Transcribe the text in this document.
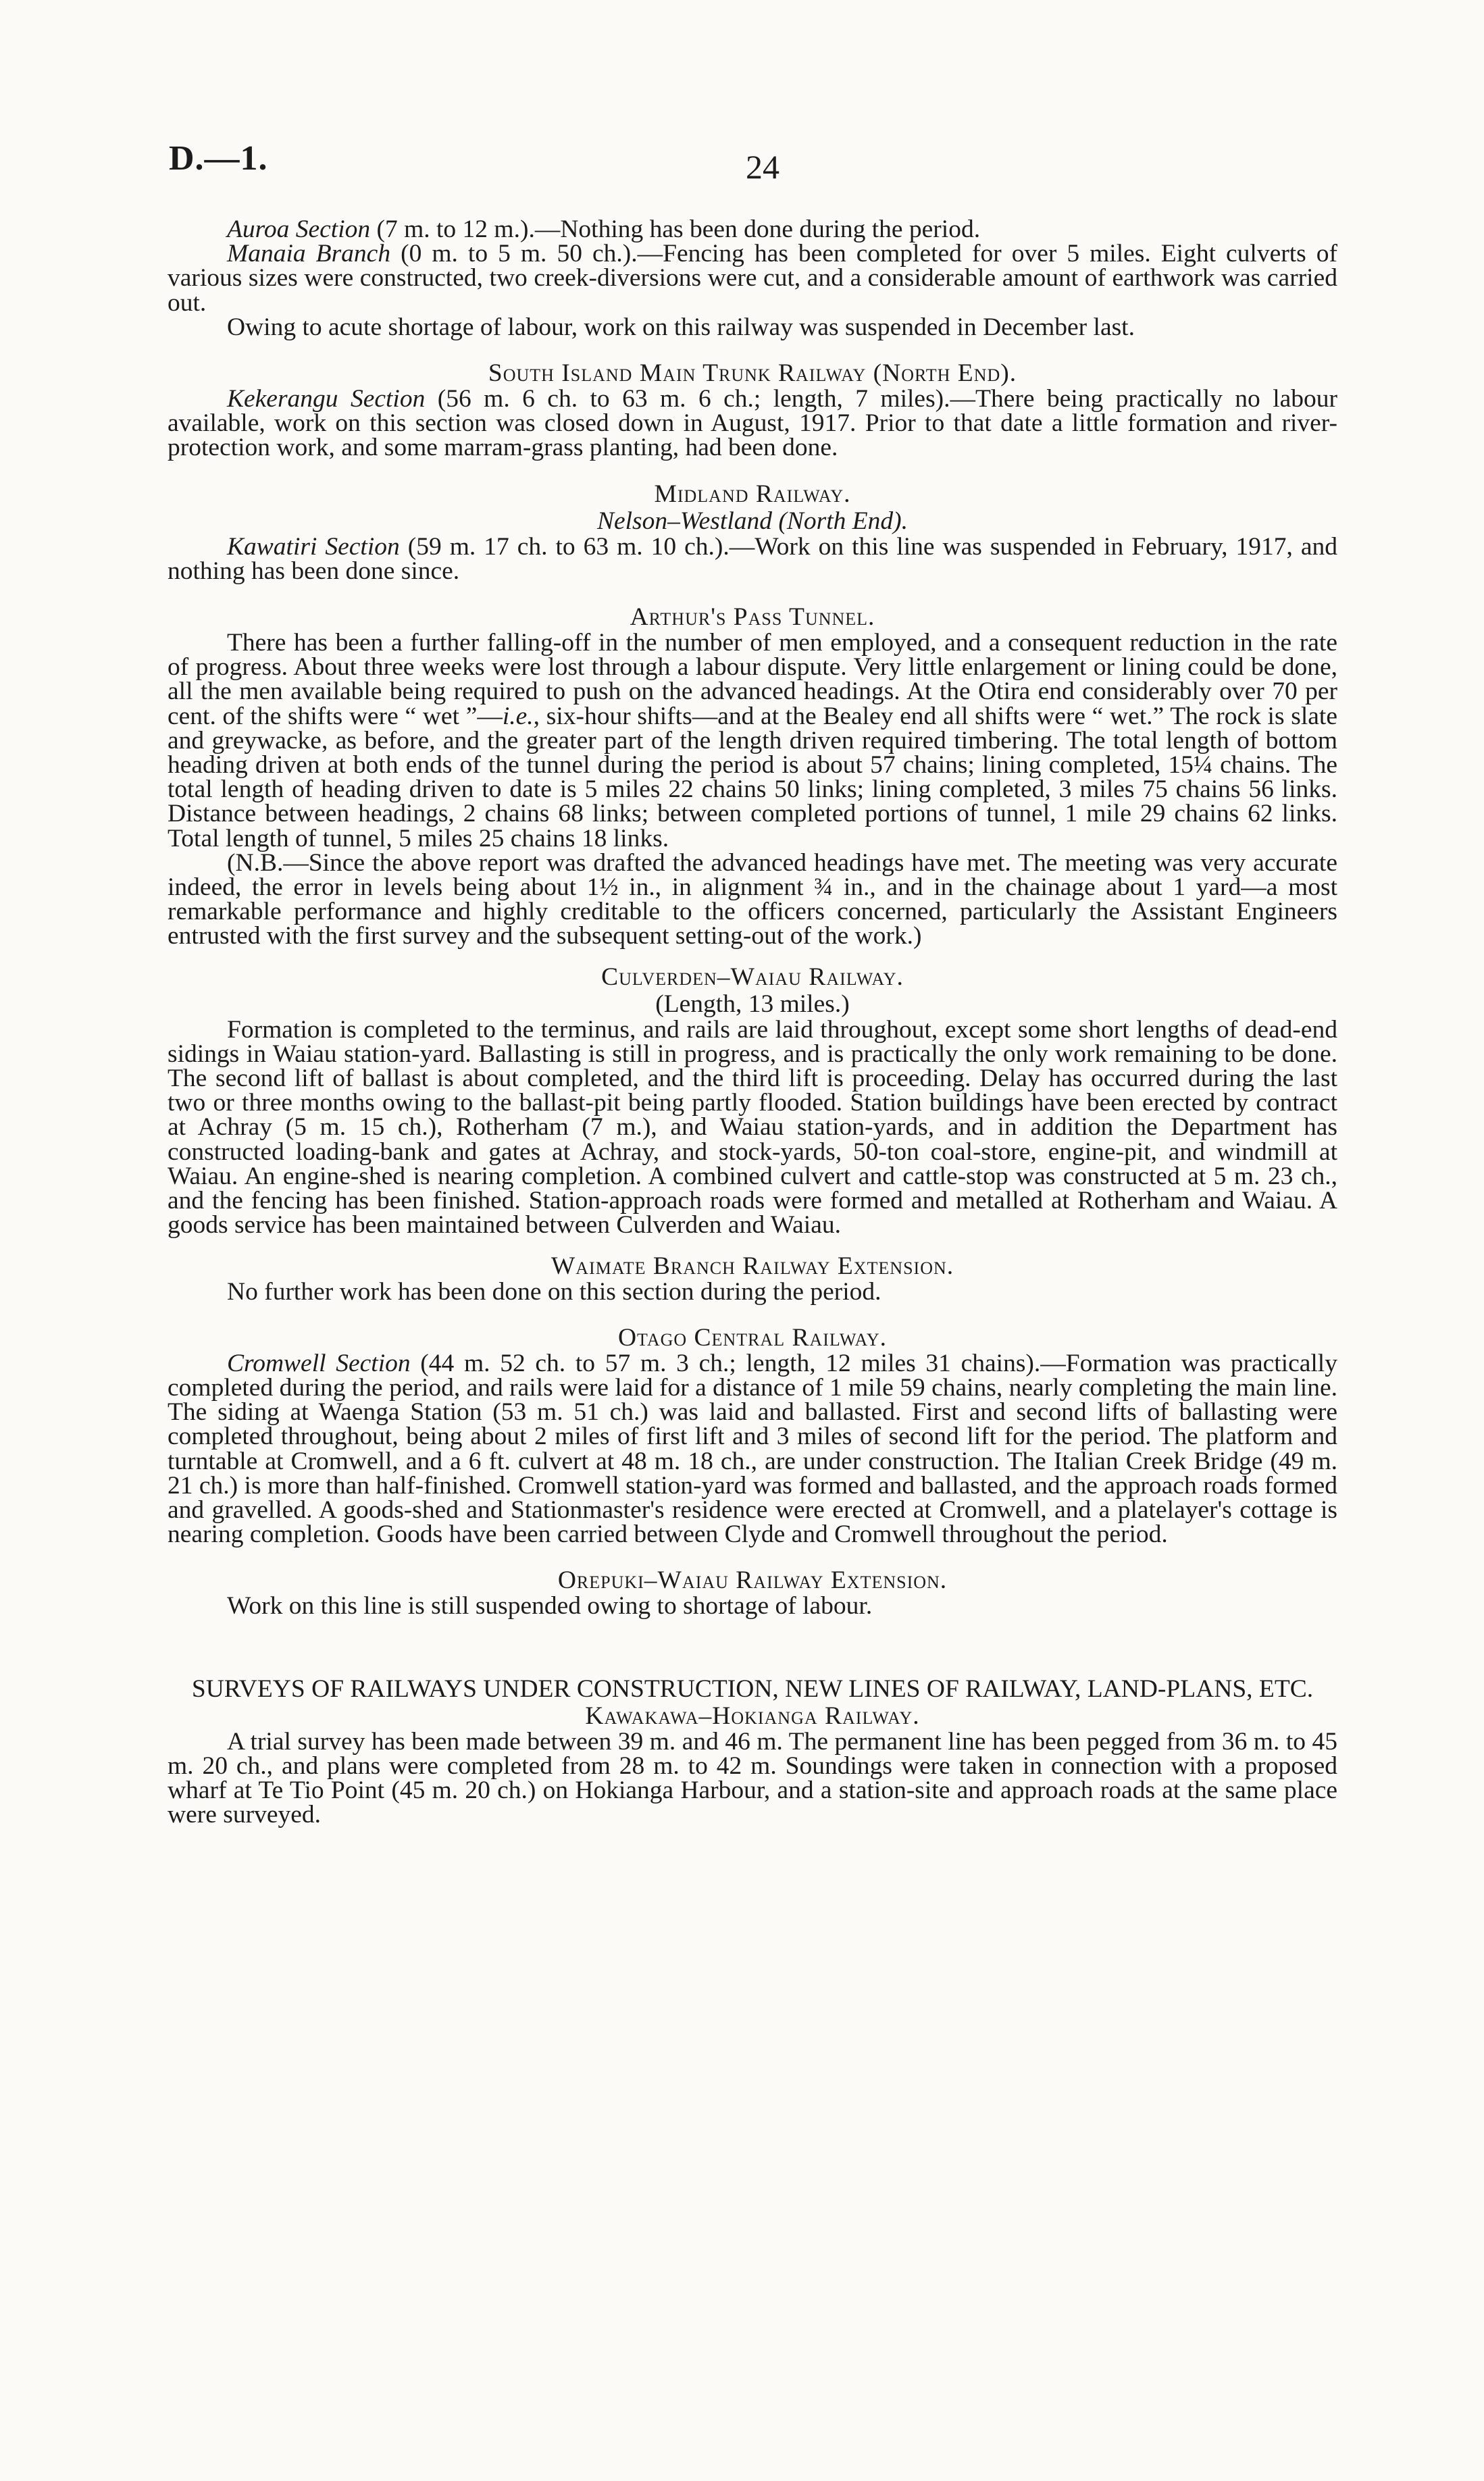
D.—1.	24

Auroa Section (7 m. to 12 m.).—Nothing has been done during the period.

Manaia Branch (0 m. to 5 m. 50 ch.).—Fencing has been completed for over 5 miles. Eight culverts of various sizes were constructed, two creek-diversions were cut, and a considerable amount of earthwork was carried out.

Owing to acute shortage of labour, work on this railway was suspended in December last.

South Island Main Trunk Railway (North End).

Kekerangu Section (56 m. 6 ch. to 63 m. 6 ch.; length, 7 miles).—There being practically no labour available, work on this section was closed down in August, 1917. Prior to that date a little formation and river-protection work, and some marram-grass planting, had been done.

Midland Railway.
Nelson–Westland (North End).

Kawatiri Section (59 m. 17 ch. to 63 m. 10 ch.).—Work on this line was suspended in February, 1917, and nothing has been done since.

Arthur's Pass Tunnel.

There has been a further falling-off in the number of men employed, and a consequent reduction in the rate of progress. About three weeks were lost through a labour dispute. Very little enlargement or lining could be done, all the men available being required to push on the advanced headings. At the Otira end considerably over 70 per cent. of the shifts were “ wet ”—i.e., six-hour shifts—and at the Bealey end all shifts were “ wet.” The rock is slate and greywacke, as before, and the greater part of the length driven required timbering. The total length of bottom heading driven at both ends of the tunnel during the period is about 57 chains; lining completed, 15¼ chains. The total length of heading driven to date is 5 miles 22 chains 50 links; lining completed, 3 miles 75 chains 56 links. Distance between headings, 2 chains 68 links; between completed portions of tunnel, 1 mile 29 chains 62 links. Total length of tunnel, 5 miles 25 chains 18 links.

(N.B.—Since the above report was drafted the advanced headings have met. The meeting was very accurate indeed, the error in levels being about 1½ in., in alignment ¾ in., and in the chainage about 1 yard—a most remarkable performance and highly creditable to the officers concerned, particularly the Assistant Engineers entrusted with the first survey and the subsequent setting-out of the work.)

Culverden–Waiau Railway.
(Length, 13 miles.)

Formation is completed to the terminus, and rails are laid throughout, except some short lengths of dead-end sidings in Waiau station-yard. Ballasting is still in progress, and is practically the only work remaining to be done. The second lift of ballast is about completed, and the third lift is proceeding. Delay has occurred during the last two or three months owing to the ballast-pit being partly flooded. Station buildings have been erected by contract at Achray (5 m. 15 ch.), Rotherham (7 m.), and Waiau station-yards, and in addition the Department has constructed loading-bank and gates at Achray, and stock-yards, 50-ton coal-store, engine-pit, and windmill at Waiau. An engine-shed is nearing completion. A combined culvert and cattle-stop was constructed at 5 m. 23 ch., and the fencing has been finished. Station-approach roads were formed and metalled at Rotherham and Waiau. A goods service has been maintained between Culverden and Waiau.

Waimate Branch Railway Extension.

No further work has been done on this section during the period.

Otago Central Railway.

Cromwell Section (44 m. 52 ch. to 57 m. 3 ch.; length, 12 miles 31 chains).—Formation was practically completed during the period, and rails were laid for a distance of 1 mile 59 chains, nearly completing the main line. The siding at Waenga Station (53 m. 51 ch.) was laid and ballasted. First and second lifts of ballasting were completed throughout, being about 2 miles of first lift and 3 miles of second lift for the period. The platform and turntable at Cromwell, and a 6 ft. culvert at 48 m. 18 ch., are under construction. The Italian Creek Bridge (49 m. 21 ch.) is more than half-finished. Cromwell station-yard was formed and ballasted, and the approach roads formed and gravelled. A goods-shed and Stationmaster's residence were erected at Cromwell, and a platelayer's cottage is nearing completion. Goods have been carried between Clyde and Cromwell throughout the period.

Orepuki–Waiau Railway Extension.

Work on this line is still suspended owing to shortage of labour.

SURVEYS OF RAILWAYS UNDER CONSTRUCTION, NEW LINES OF RAILWAY, LAND-PLANS, ETC.
Kawakawa–Hokianga Railway.

A trial survey has been made between 39 m. and 46 m. The permanent line has been pegged from 36 m. to 45 m. 20 ch., and plans were completed from 28 m. to 42 m. Soundings were taken in connection with a proposed wharf at Te Tio Point (45 m. 20 ch.) on Hokianga Harbour, and a station-site and approach roads at the same place were surveyed.
